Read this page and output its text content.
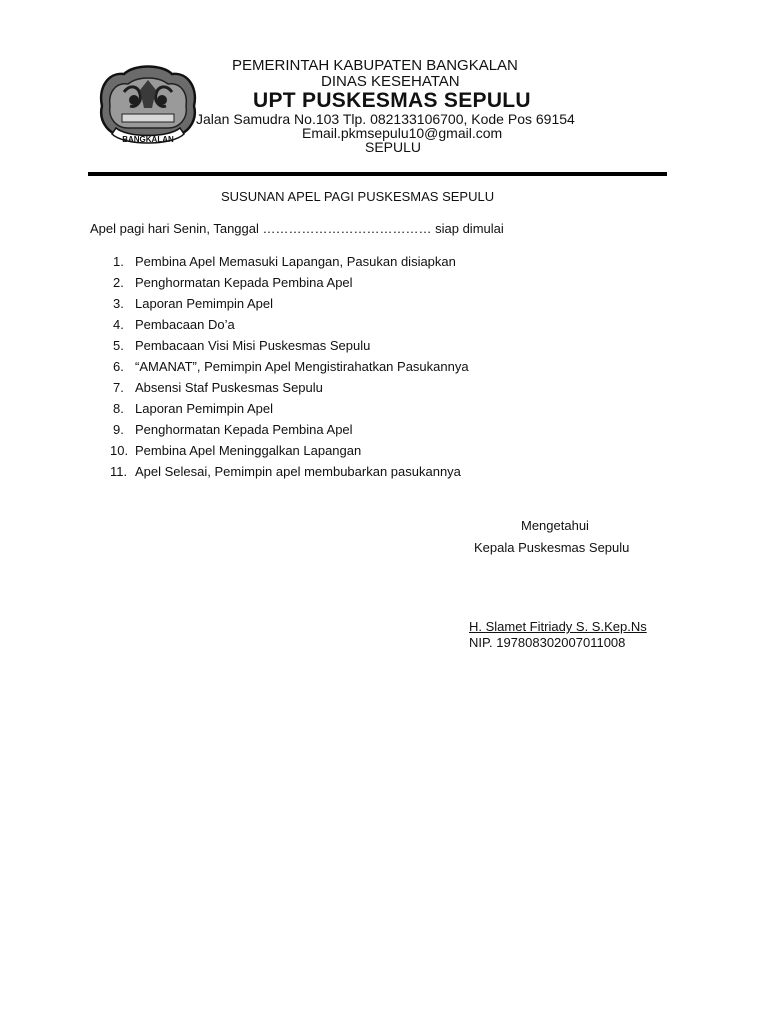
BANGKALAN
PEMERINTAH KABUPATEN BANGKALAN
DINAS KESEHATAN
UPT PUSKESMAS SEPULU
Jalan Samudra No.103 Tlp. 082133106700, Kode Pos 69154
Email.pkmsepulu10@gmail.com
SEPULU
SUSUNAN APEL PAGI PUSKESMAS SEPULU
Apel pagi hari Senin, Tanggal ………………………………… siap dimulai
1. Pembina Apel Memasuki Lapangan, Pasukan disiapkan
2. Penghormatan Kepada Pembina Apel
3. Laporan Pemimpin Apel
4. Pembacaan Do’a
5. Pembacaan Visi Misi Puskesmas Sepulu
6. “AMANAT”, Pemimpin Apel Mengistirahatkan Pasukannya
7. Absensi Staf Puskesmas Sepulu
8. Laporan Pemimpin Apel
9. Penghormatan Kepada Pembina Apel
10. Pembina Apel Meninggalkan Lapangan
11. Apel Selesai, Pemimpin apel membubarkan pasukannya
Mengetahui
Kepala Puskesmas Sepulu
H. Slamet Fitriady S. S.Kep.Ns
NIP. 197808302007011008
